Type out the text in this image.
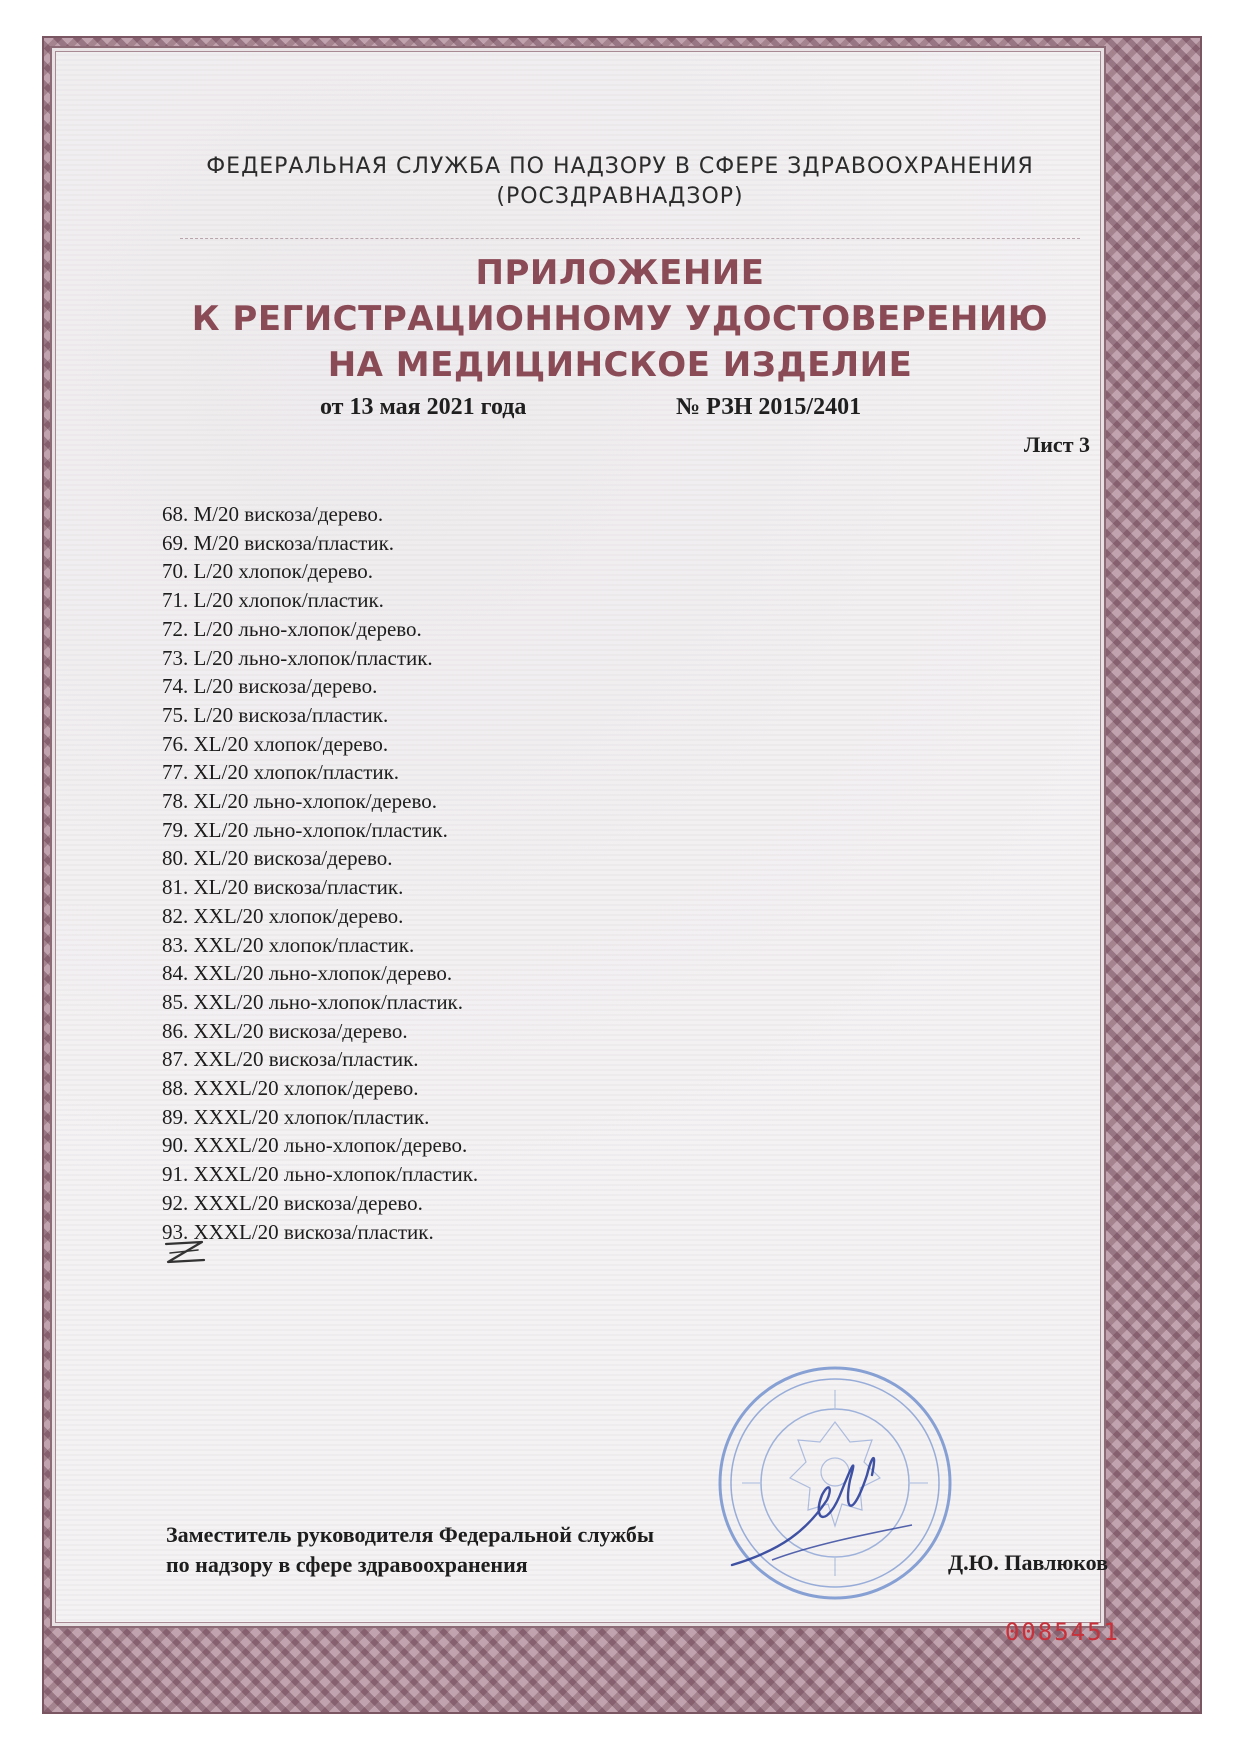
ФЕДЕРАЛЬНАЯ СЛУЖБА ПО НАДЗОРУ В СФЕРЕ ЗДРАВООХРАНЕНИЯ
(РОСЗДРАВНАДЗОР)
ПРИЛОЖЕНИЕ
К РЕГИСТРАЦИОННОМУ УДОСТОВЕРЕНИЮ
НА МЕДИЦИНСКОЕ ИЗДЕЛИЕ
от 13 мая 2021 года	№ РЗН 2015/2401
Лист 3
68. M/20 вискоза/дерево.
69. M/20 вискоза/пластик.
70. L/20 хлопок/дерево.
71. L/20 хлопок/пластик.
72. L/20 льно-хлопок/дерево.
73. L/20 льно-хлопок/пластик.
74. L/20 вискоза/дерево.
75. L/20 вискоза/пластик.
76. XL/20 хлопок/дерево.
77. XL/20 хлопок/пластик.
78. XL/20 льно-хлопок/дерево.
79. XL/20 льно-хлопок/пластик.
80. XL/20 вискоза/дерево.
81. XL/20 вискоза/пластик.
82. XXL/20 хлопок/дерево.
83. XXL/20 хлопок/пластик.
84. XXL/20 льно-хлопок/дерево.
85. XXL/20 льно-хлопок/пластик.
86. XXL/20 вискоза/дерево.
87. XXL/20 вискоза/пластик.
88. XXXL/20 хлопок/дерево.
89. XXXL/20 хлопок/пластик.
90. XXXL/20 льно-хлопок/дерево.
91. XXXL/20 льно-хлопок/пластик.
92. XXXL/20 вискоза/дерево.
93. XXXL/20 вискоза/пластик.
Заместитель руководителя Федеральной службы
по надзору в сфере здравоохранения	Д.Ю. Павлюков
0085451
